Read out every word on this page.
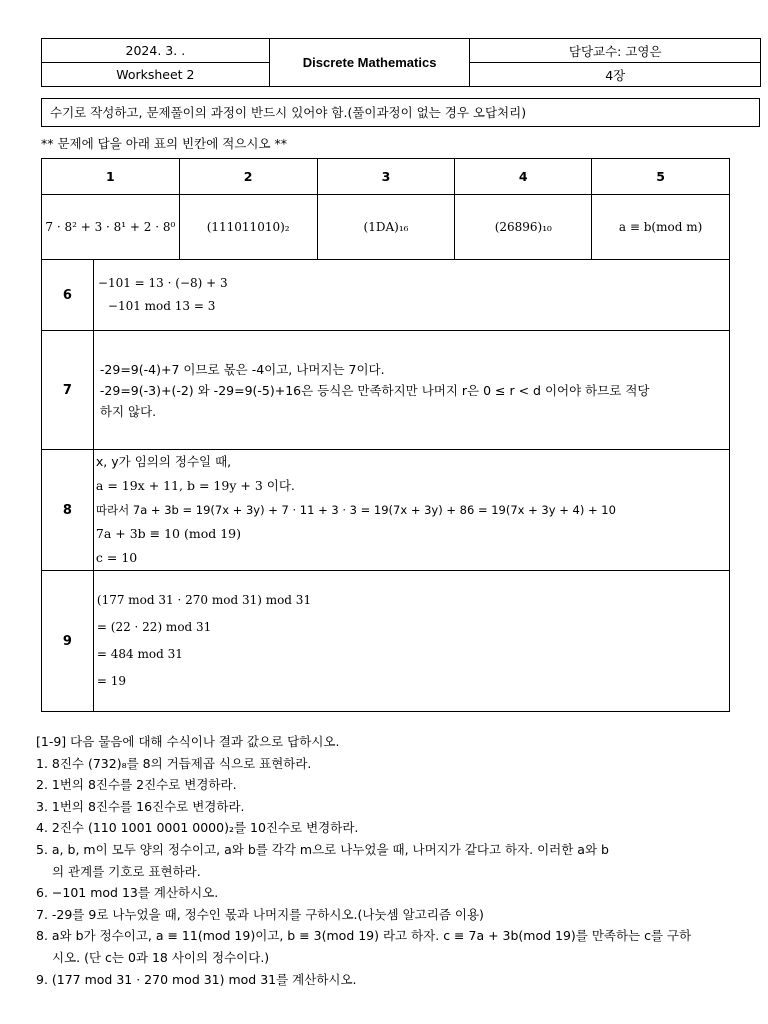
2024. 3. .	Discrete Mathematics	담당교수: 고영은
Worksheet 2		4장
수기로 작성하고, 문제풀이의 과정이 반드시 있어야 함.(풀이과정이 없는 경우 오답처리)
** 문제에 답을 아래 표의 빈칸에 적으시오 **
1		2	3	4	5
7 · 8² + 3 · 8¹ + 2 · 8⁰		(111011010)₂	(1DA)₁₆	(26896)₁₀	a ≡ b(mod m)
6	−101 = 13 · (−8) + 3
−101 mod 13 = 3				

7	-29=9(-4)+7 이므로 몫은 -4이고, 나머지는 7이다.
-29=9(-3)+(-2) 와 -29=9(-5)+16은 등식은 만족하지만 나머지 r은 0 ≤ r < d 이어야 하므로 적당
하지 않다.				

8	x, y가 임의의 정수일 때,
a = 19x + 11, b = 19y + 3 이다.
따라서 7a + 3b = 19(7x + 3y) + 7 · 11 + 3 · 3 = 19(7x + 3y) + 86 = 19(7x + 3y + 4) + 10
7a + 3b ≡ 10 (mod 19)
c = 10				

9	(177 mod 31 · 270 mod 31) mod 31
= (22 · 22) mod 31
= 484 mod 31
= 19				
[1-9] 다음 물음에 대해 수식이나 결과 값으로 답하시오.
1. 8진수 (732)₈를 8의 거듭제곱 식으로 표현하라.
2. 1번의 8진수를 2진수로 변경하라.
3. 1번의 8진수를 16진수로 변경하라.
4. 2진수 (110 1001 0001 0000)₂를 10진수로 변경하라.
5. a, b, m이 모두 양의 정수이고, a와 b를 각각 m으로 나누었을 때, 나머지가 같다고 하자. 이러한 a와 b
의 관계를 기호로 표현하라.
6. −101 mod 13를 계산하시오.
7. -29를 9로 나누었을 때, 정수인 몫과 나머지를 구하시오.(나눗셈 알고리즘 이용)
8. a와 b가 정수이고, a ≡ 11(mod 19)이고, b ≡ 3(mod 19) 라고 하자. c ≡ 7a + 3b(mod 19)를 만족하는 c를 구하
시오. (단 c는 0과 18 사이의 정수이다.)
9. (177 mod 31 · 270 mod 31) mod 31를 계산하시오.
